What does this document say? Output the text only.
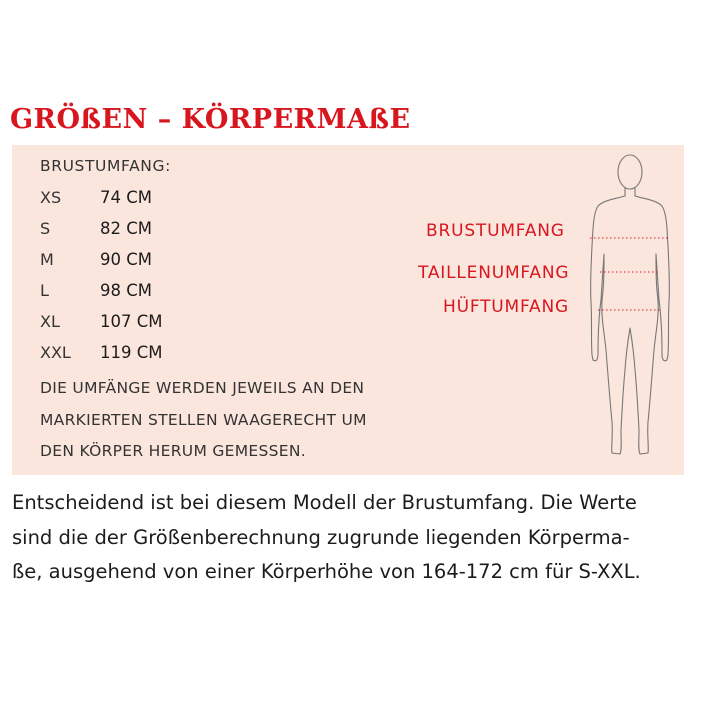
GRÖßEN – KÖRPERMAßE
BRUSTUMFANG:
XS 74 CM
S	82 CM
M	90 CM
L	98 CM
XL 107 CM
XXL 119 CM
DIE UMFÄNGE WERDEN JEWEILS AN DEN
MARKIERTEN STELLEN WAAGERECHT UM
DEN KÖRPER HERUM GEMESSEN.
BRUSTUMFANG
TAILLENUMFANG
HÜFTUMFANG
Entscheidend ist bei diesem Modell der Brustumfang. Die Werte
sind die der Größenberechnung zugrunde liegenden Körperma-
ße, ausgehend von einer Körperhöhe von 164-172 cm für S-XXL.
